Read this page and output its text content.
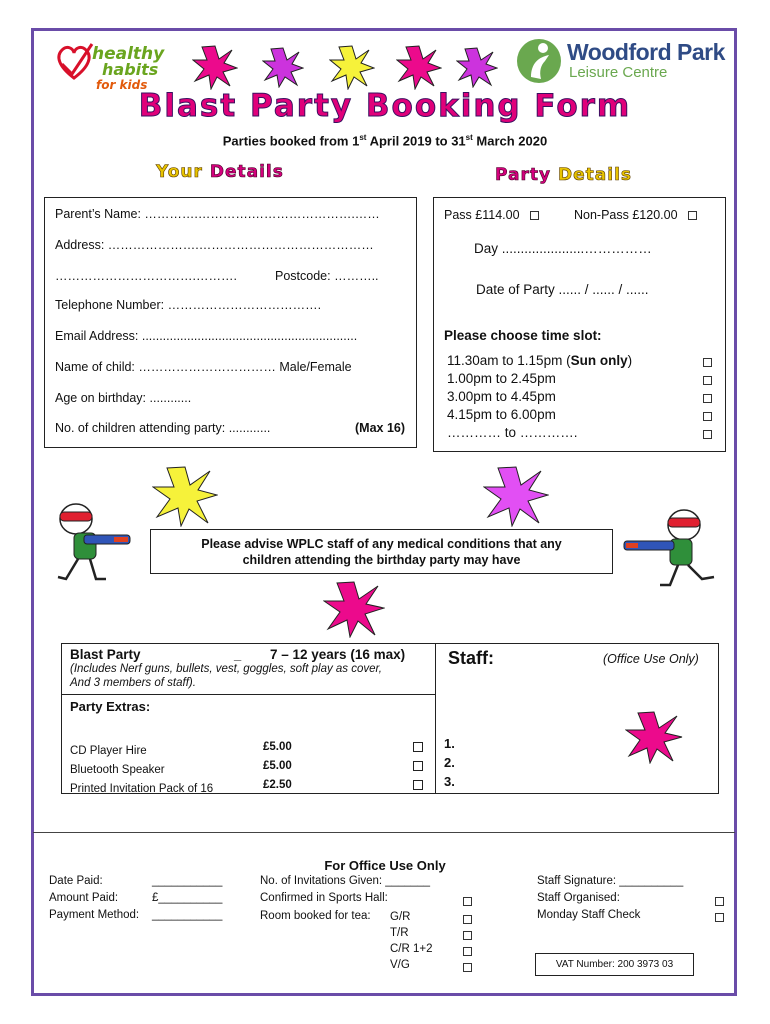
healthy
habits
for kids
Woodford Park
Leisure Centre
Blast Party Booking Form
Parties booked from 1st April 2019 to 31st March 2020
Your Details	Party Details
Parent’s Name: ………….………….…………………….……
Address: ………………….……………………………………
…………………………….……….	Postcode: ………..
Telephone Number: ……………………………….
Email Address: ..............................................................
Name of child: …………………………… Male/Female
Age on birthday: ............
No. of children attending party: ............	(Max 16)
Pass £114.00	Non-Pass £120.00
Day ......................……………
Date of Party ...... / ...... / ......
Please choose time slot:
11.30am to 1.15pm (Sun only)
1.00pm to 2.45pm
3.00pm to 4.45pm
4.15pm to 6.00pm
………… to ………….
Please advise WPLC staff of any medical conditions that any
children attending the birthday party may have
Blast Party	_ 7 – 12 years (16 max)
(Includes Nerf guns, bullets, vest, goggles, soft play as cover,
And 3 members of staff).
Party Extras:
CD Player Hire	£5.00
Bluetooth Speaker	£5.00
Printed Invitation Pack of 16	£2.50
Staff:	(Office Use Only)
1.
2.
3.
For Office Use Only
Date Paid:	___________
Amount Paid:	£__________
Payment Method: ___________
No. of Invitations Given: _______
Confirmed in Sports Hall:
Room booked for tea: G/R
T/R
C/R 1+2
V/G
Staff Signature: __________
Staff Organised:
Monday Staff Check
VAT Number: 200 3973 03
